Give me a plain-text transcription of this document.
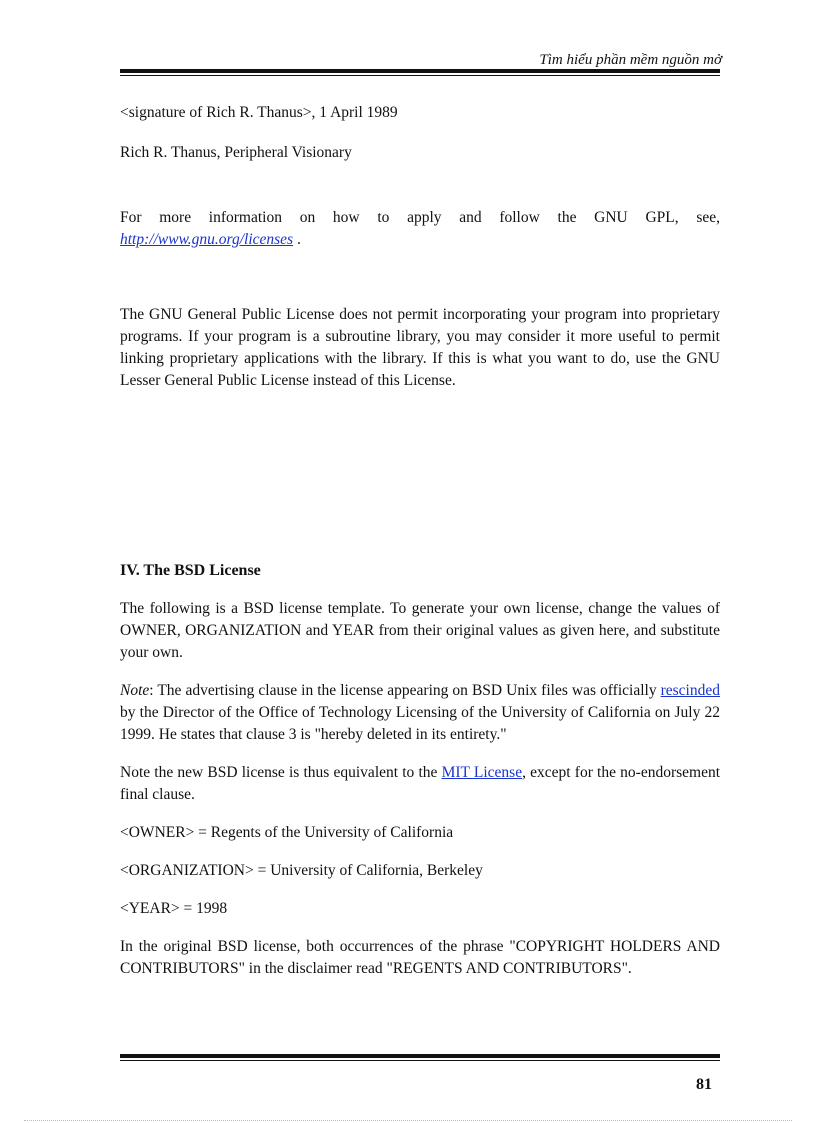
Tìm hiểu phần mềm nguồn mở

<signature of Rich R. Thanus>, 1 April 1989

Rich R. Thanus, Peripheral Visionary

For more information on how to apply and follow the GNU GPL, see, http://www.gnu.org/licenses .

The GNU General Public License does not permit incorporating your program into proprietary programs. If your program is a subroutine library, you may consider it more useful to permit linking proprietary applications with the library. If this is what you want to do, use the GNU Lesser General Public License instead of this License.

IV. The BSD License

The following is a BSD license template. To generate your own license, change the values of OWNER, ORGANIZATION and YEAR from their original values as given here, and substitute your own.

Note: The advertising clause in the license appearing on BSD Unix files was officially rescinded by the Director of the Office of Technology Licensing of the University of California on July 22 1999. He states that clause 3 is "hereby deleted in its entirety."

Note the new BSD license is thus equivalent to the MIT License, except for the no-endorsement final clause.

<OWNER> = Regents of the University of California

<ORGANIZATION> = University of California, Berkeley

<YEAR> = 1998

In the original BSD license, both occurrences of the phrase "COPYRIGHT HOLDERS AND CONTRIBUTORS" in the disclaimer read "REGENTS AND CONTRIBUTORS".

81
